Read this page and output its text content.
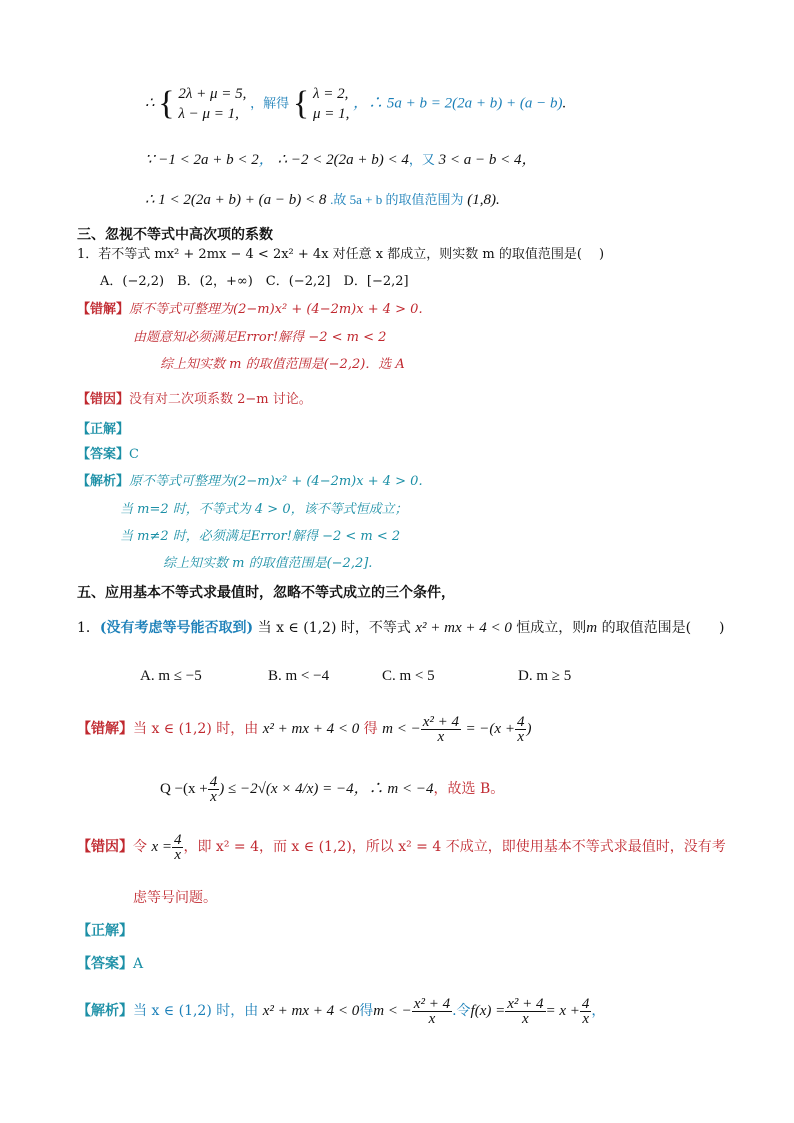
∴ { 2λ + μ = 5,
λ − μ = 1,
，解得 { λ = 2,
μ = 1,
，∴ 5a + b = 2(2a + b) + (a − b).
∵ −1 < 2a + b < 2， ∴ −2 < 2(2a + b) < 4，又 3 < a − b < 4，
∴ 1 < 2(2a + b) + (a − b) < 8 .故 5a + b 的取值范围为 (1,8).
三、忽视不等式中高次项的系数
1．若不等式 mx² + 2mx − 4 < 2x² + 4x 对任意 x 都成立，则实数 m 的取值范围是(　 )
A．(−2,2)　B．(2，+∞)　C．(−2,2]　D．[−2,2]
【错解】原不等式可整理为(2−m)x² + (4−2m)x + 4 > 0.
由题意知必须满足Error!解得 −2 < m < 2
综上知实数 m 的取值范围是(−2,2)．选 A
【错因】没有对二次项系数 2−m 讨论。
【正解】
【答案】C
【解析】原不等式可整理为(2−m)x² + (4−2m)x + 4 > 0.
当 m=2 时，不等式为 4 > 0，该不等式恒成立；
当 m≠2 时，必须满足Error!解得 −2 < m < 2
综上知实数 m 的取值范围是(−2,2].
五、应用基本不等式求最值时，忽略不等式成立的三个条件，
1．(没有考虑等号能否取到) 当 x ∈ (1,2) 时，不等式 x² + mx + 4 < 0 恒成立，则m 的取值范围是(　　)
A. m ≤ −5	B. m < −4	C. m < 5	D. m ≥ 5
【错解】当 x ∈ (1,2) 时，由 x² + mx + 4 < 0 得 m < − $\frac{\text{x² + 4}}{x} = -(x + \frac{4}{x}$ )
$Q -(x + \frac{4}{x}$ ) ≤ −2√(x × 4/x) = −4，∴ m < −4，故选 B。
【错因】令 $x = \frac{4}{x}$ ，即 x² = 4，而 x ∈ (1,2)，所以 x² = 4 不成立，即使用基本不等式求最值时，没有考
虑等号问题。
【正解】
【答案】A
【解析】当 x ∈ (1,2) 时，由 x² + mx + 4 < 0得m < − $\frac{\text{x² + 4}}{x}$ .令$f(x) = \frac{\text{x² + 4}}{x} = x + \frac{4}{x}$ ，
